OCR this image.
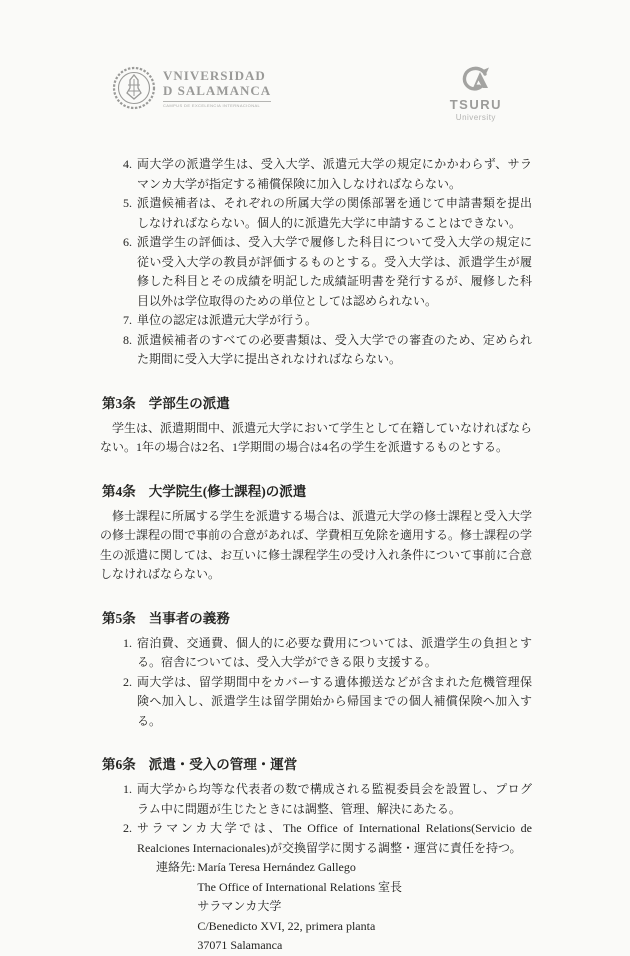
VNIVERSIDAD
D SALAMANCA
CAMPUS DE EXCELENCIA INTERNACIONAL	TSURU
University
4. 両大学の派遣学生は、受入大学、派遣元大学の規定にかかわらず、サラマンカ大学が指定する補償保険に加入しなければならない。
5. 派遣候補者は、それぞれの所属大学の関係部署を通じて申請書類を提出しなければならない。個人的に派遣先大学に申請することはできない。
6. 派遣学生の評価は、受入大学で履修した科目について受入大学の規定に従い受入大学の教員が評価するものとする。受入大学は、派遣学生が履修した科目とその成績を明記した成績証明書を発行するが、履修した科目以外は学位取得のための単位としては認められない。
7. 単位の認定は派遣元大学が行う。
8. 派遣候補者のすべての必要書類は、受入大学での審査のため、定められた期間に受入大学に提出されなければならない。
第3条 学部生の派遣

学生は、派遣期間中、派遣元大学において学生として在籍していなければならない。1年の場合は2名、1学期間の場合は4名の学生を派遣するものとする。

第4条 大学院生(修士課程)の派遣

修士課程に所属する学生を派遣する場合は、派遣元大学の修士課程と受入大学の修士課程の間で事前の合意があれば、学費相互免除を適用する。修士課程の学生の派遣に関しては、お互いに修士課程学生の受け入れ条件について事前に合意しなければならない。

第5条 当事者の義務
1. 宿泊費、交通費、個人的に必要な費用については、派遣学生の負担とする。宿舎については、受入大学ができる限り支援する。
2. 両大学は、留学期間中をカバーする遺体搬送などが含まれた危機管理保険へ加入し、派遣学生は留学開始から帰国までの個人補償保険へ加入する。
第6条 派遣・受入の管理・運営
1. 両大学から均等な代表者の数で構成される監視委員会を設置し、プログラム中に問題が生じたときには調整、管理、解決にあたる。
2. サラマンカ大学では、The Office of International Relations(Servicio de Realciones Internacionales)が交換留学に関する調整・運営に責任を持つ。
連絡先: María Teresa Hernández Gallego
The Office of International Relations 室長
サラマンカ大学
C/Benedicto XVI, 22, primera planta
37071 Salamanca
